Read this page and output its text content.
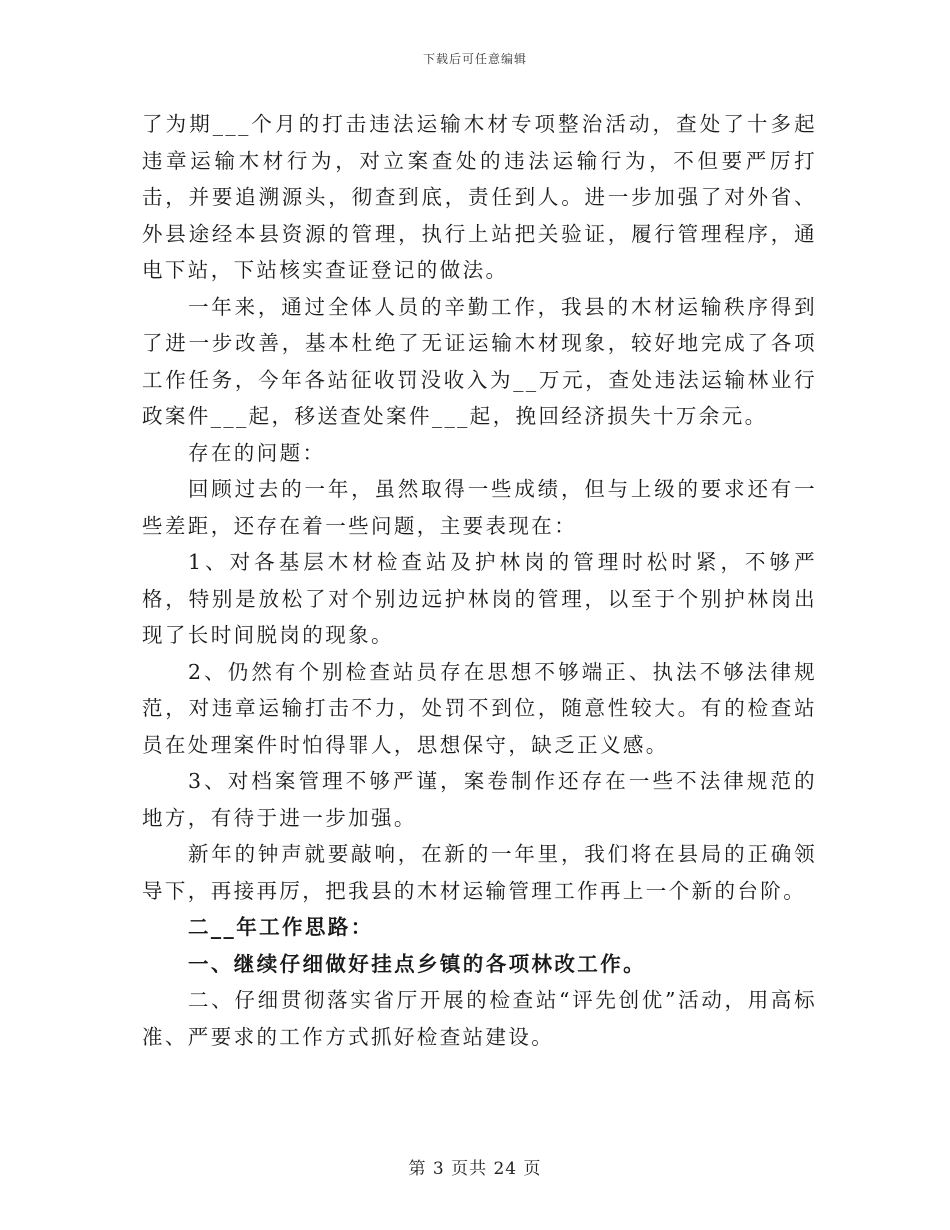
下载后可任意编辑

了为期___个月的打击违法运输木材专项整治活动，查处了十多起违章运输木材行为，对立案查处的违法运输行为，不但要严厉打击，并要追溯源头，彻查到底，责任到人。进一步加强了对外省、外县途经本县资源的管理，执行上站把关验证，履行管理程序，通电下站，下站核实查证登记的做法。

一年来，通过全体人员的辛勤工作，我县的木材运输秩序得到了进一步改善，基本杜绝了无证运输木材现象，较好地完成了各项工作任务，今年各站征收罚没收入为__万元，查处违法运输林业行政案件___起，移送查处案件___起，挽回经济损失十万余元。

存在的问题：

回顾过去的一年，虽然取得一些成绩，但与上级的要求还有一些差距，还存在着一些问题，主要表现在：

1、对各基层木材检查站及护林岗的管理时松时紧，不够严格，特别是放松了对个别边远护林岗的管理，以至于个别护林岗出现了长时间脱岗的现象。

2、仍然有个别检查站员存在思想不够端正、执法不够法律规范，对违章运输打击不力，处罚不到位，随意性较大。有的检查站员在处理案件时怕得罪人，思想保守，缺乏正义感。

3、对档案管理不够严谨，案卷制作还存在一些不法律规范的地方，有待于进一步加强。

新年的钟声就要敲响，在新的一年里，我们将在县局的正确领导下，再接再厉，把我县的木材运输管理工作再上一个新的台阶。

二__年工作思路：

一、继续仔细做好挂点乡镇的各项林改工作。

二、仔细贯彻落实省厅开展的检查站“评先创优”活动，用高标准、严要求的工作方式抓好检查站建设。

第 3 页共 24 页
